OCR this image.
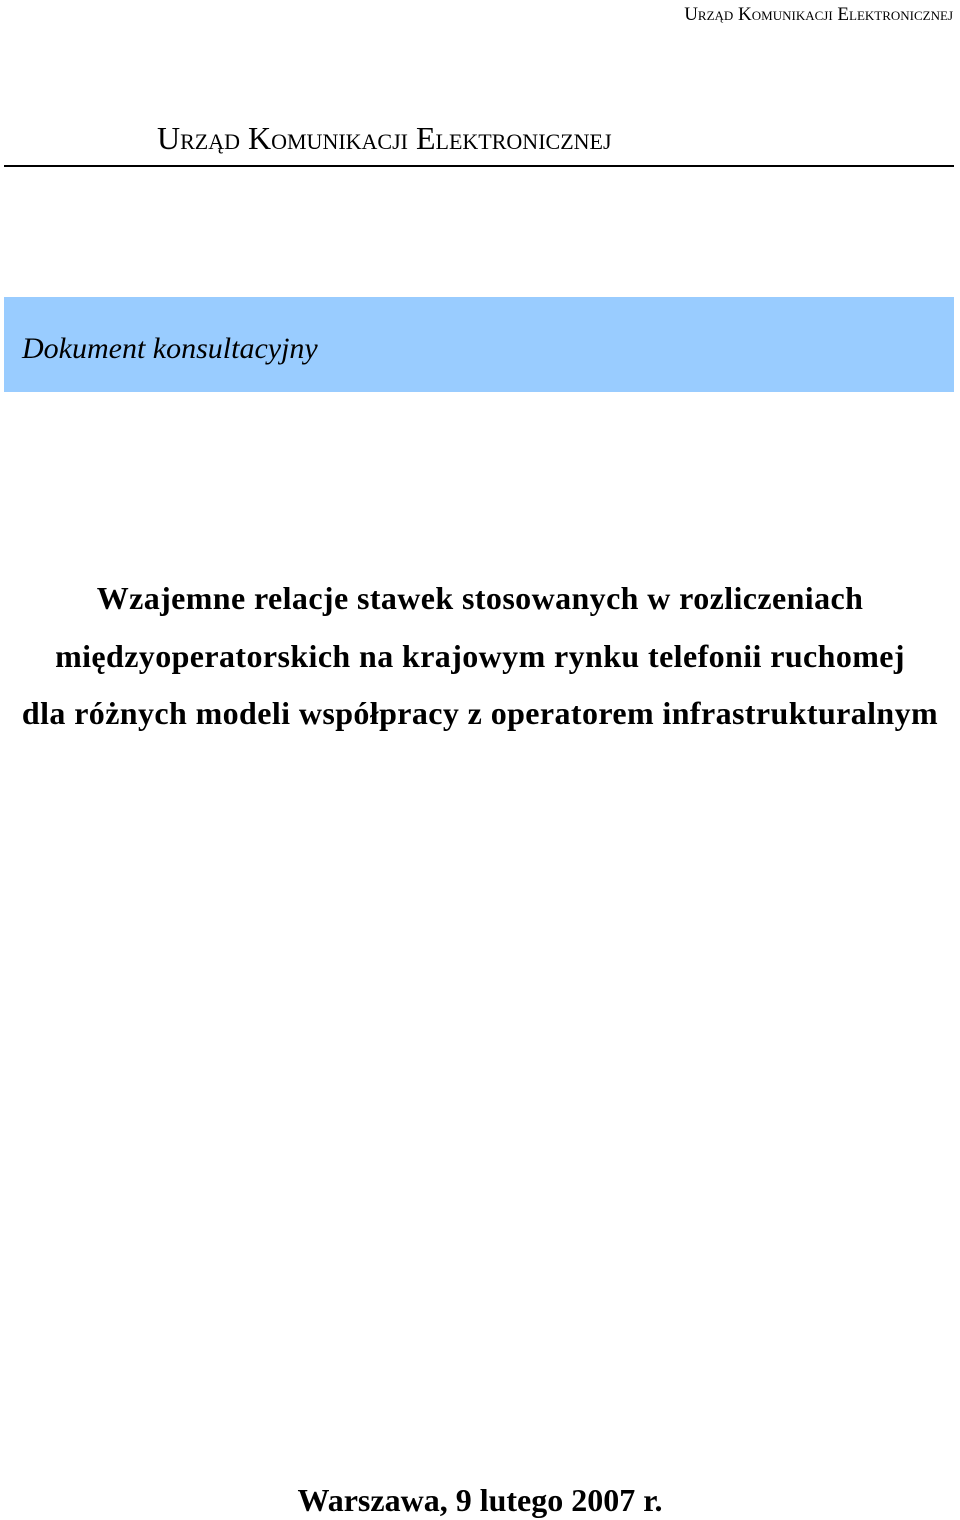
Urząd Komunikacji Elektronicznej
Urząd Komunikacji Elektronicznej
Dokument konsultacyjny
Wzajemne relacje stawek stosowanych w rozliczeniach
międzyoperatorskich na krajowym rynku telefonii ruchomej
dla różnych modeli współpracy z operatorem infrastrukturalnym
Warszawa, 9 lutego 2007 r.
